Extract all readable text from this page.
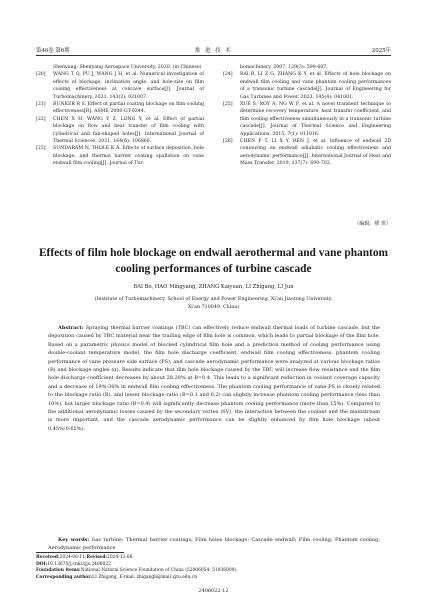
第46卷 第6期	推 进 技 术	2025年
Shenyang: Shenyang Aerospace University, 2020. (in Chinese)
[20] WANG T Q, PU J, WANG J H, et al. Numerical investigation of effects of blockage, inclination angle, and hole-size on film cooling effectiveness at concave surface[J]. Journal of Turbomachinery, 2021, 143(2): 021007.
[21] BUNKER R S. Effect of partial coating blockage on film cooling effectiveness[R]. ASME 2000-GT-0244.
[22] CHEN X H, WANG Y Z, LONG Y, et al. Effect of partial blockage on flow and heat transfer of film cooling with cylindrical and fan-shaped holes[J]. International Journal of Thermal Sciences, 2021, 164(6): 106866.
[23] SUNDARAM N, THOLE K A. Effects of surface deposition, hole blockage, and thermal barrier coating spallation on vane endwall film cooling[J]. Journal of Tur-
bomachinery, 2007, 129(3): 599-607.
[24] BAI B, LI Z G, ZHANG K Y, et al. Effects of hole blockage on endwall film cooling and vane phantom cooling performances of a transonic turbine cascade[J]. Journal of Engineering for Gas Turbines and Power, 2023, 145(4): 041001.
[25] XUE S, ROY A, NG W F, et al. A novel transient technique to determine recovery temperature, heat transfer coefficient, and film cooling effectiveness simultaneously in a transonic turbine cascade[J]. Journal of Thermal Science and Engineering Applications, 2015, 7(1): 011016.
[26] CHEN P T, LI X Y, REN J, et al. Influence of endwall 2D contouring on endwall adiabatic cooling effectiveness and aerodynamic performance[J]. International Journal of Heat and Mass Transfer, 2019, 137(7): 690-702.
（编辑：缪 琪）
Effects of film hole blockage on endwall aerothermal and vane phantom cooling performances of turbine cascade
BAI Bo, HAO Mingyang, ZHANG Kaiyuan, LI Zhigang, LI Jun
(Institute of Turbomachinery, School of Energy and Power Engineering, Xi'an Jiaotong University,
Xi'an 710049, China)

Abstract: Spraying thermal barrier coatings (TBC) can effectively reduce endwall thermal loads of turbine cascade, but the deposition caused by TBC material near the trailing edge of film hole is common, which leads to partial blockage of the film hole. Based on a parametric physics model of blocked cylindrical film hole and a prediction method of cooling performance using double-coolant temperature model, the film hole discharge coefficient, endwall film cooling effectiveness, phantom cooling performance of vane pressure side surface (PS), and cascade aerodynamic performance were analyzed at various blockage ratios (B) and blockage angles (α). Results indicate that film hole blockage caused by the TBC will increase flow resistance and the film hole discharge coefficient decreases by about 28.28% at B=0.4. This leads to a significant reduction in coolant coverage capacity and a decrease of 19%-30% in endwall film cooling effectiveness. The phantom cooling performance of vane PS is closely related to the blockage ratio (B), and lesser blockage ratio (B=0.1 and 0.2) can slightly increase phantom cooling performance (less than 10%), but larger blockage ratio (B=0.4) will significantly decrease phantom cooling performance (more than 15%). Compared to the additional aerodynamic losses caused by the secondary vortex (SV), the interaction between the coolant and the mainstream is more important, and the cascade aerodynamic performance can be slightly enhanced by film hole blockage (about 0.45%-0.65%).

Key words: Gas turbine; Thermal barrier coatings; Film holes blockage; Cascade endwall; Film cooling; Phantom cooling; Aerodynamic performance

Received:2024-06-11;Revised:2024-12-06.
DOI:10.13675/j.cnki.tjjs.2406022
Foundation items:National Natural Science Foundation of China (52006054; 51936008).
Corresponding author:LI Zhigang, E-mail: zhigangli@mail.xjtu.edu.cn
2406022-12
